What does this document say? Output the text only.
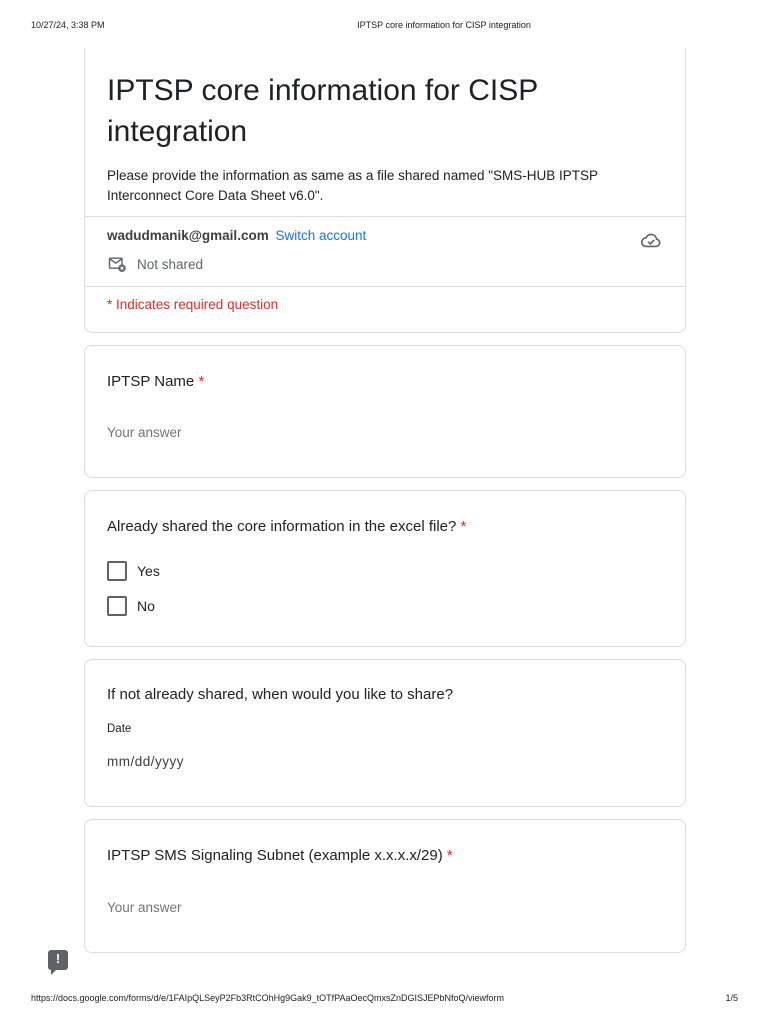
10/27/24, 3:38 PM	IPTSP core information for CISP integration
IPTSP core information for CISP integration

Please provide the information as same as a file shared named "SMS-HUB IPTSP Interconnect Core Data Sheet v6.0".

wadudmanik@gmail.com Switch account
Not shared
* Indicates required question
IPTSP Name *
Your answer
Already shared the core information in the excel file? *
Yes
No
If not already shared, when would you like to share?
Date
mm/dd/yyyy
IPTSP SMS Signaling Subnet (example x.x.x.x/29) *
Your answer
!
https://docs.google.com/forms/d/e/1FAIpQLSeyP2Fb3RtCOhHg9Gak9_tOTfPAaOecQmxsZnDGISJEPbNfoQ/viewform	1/5
